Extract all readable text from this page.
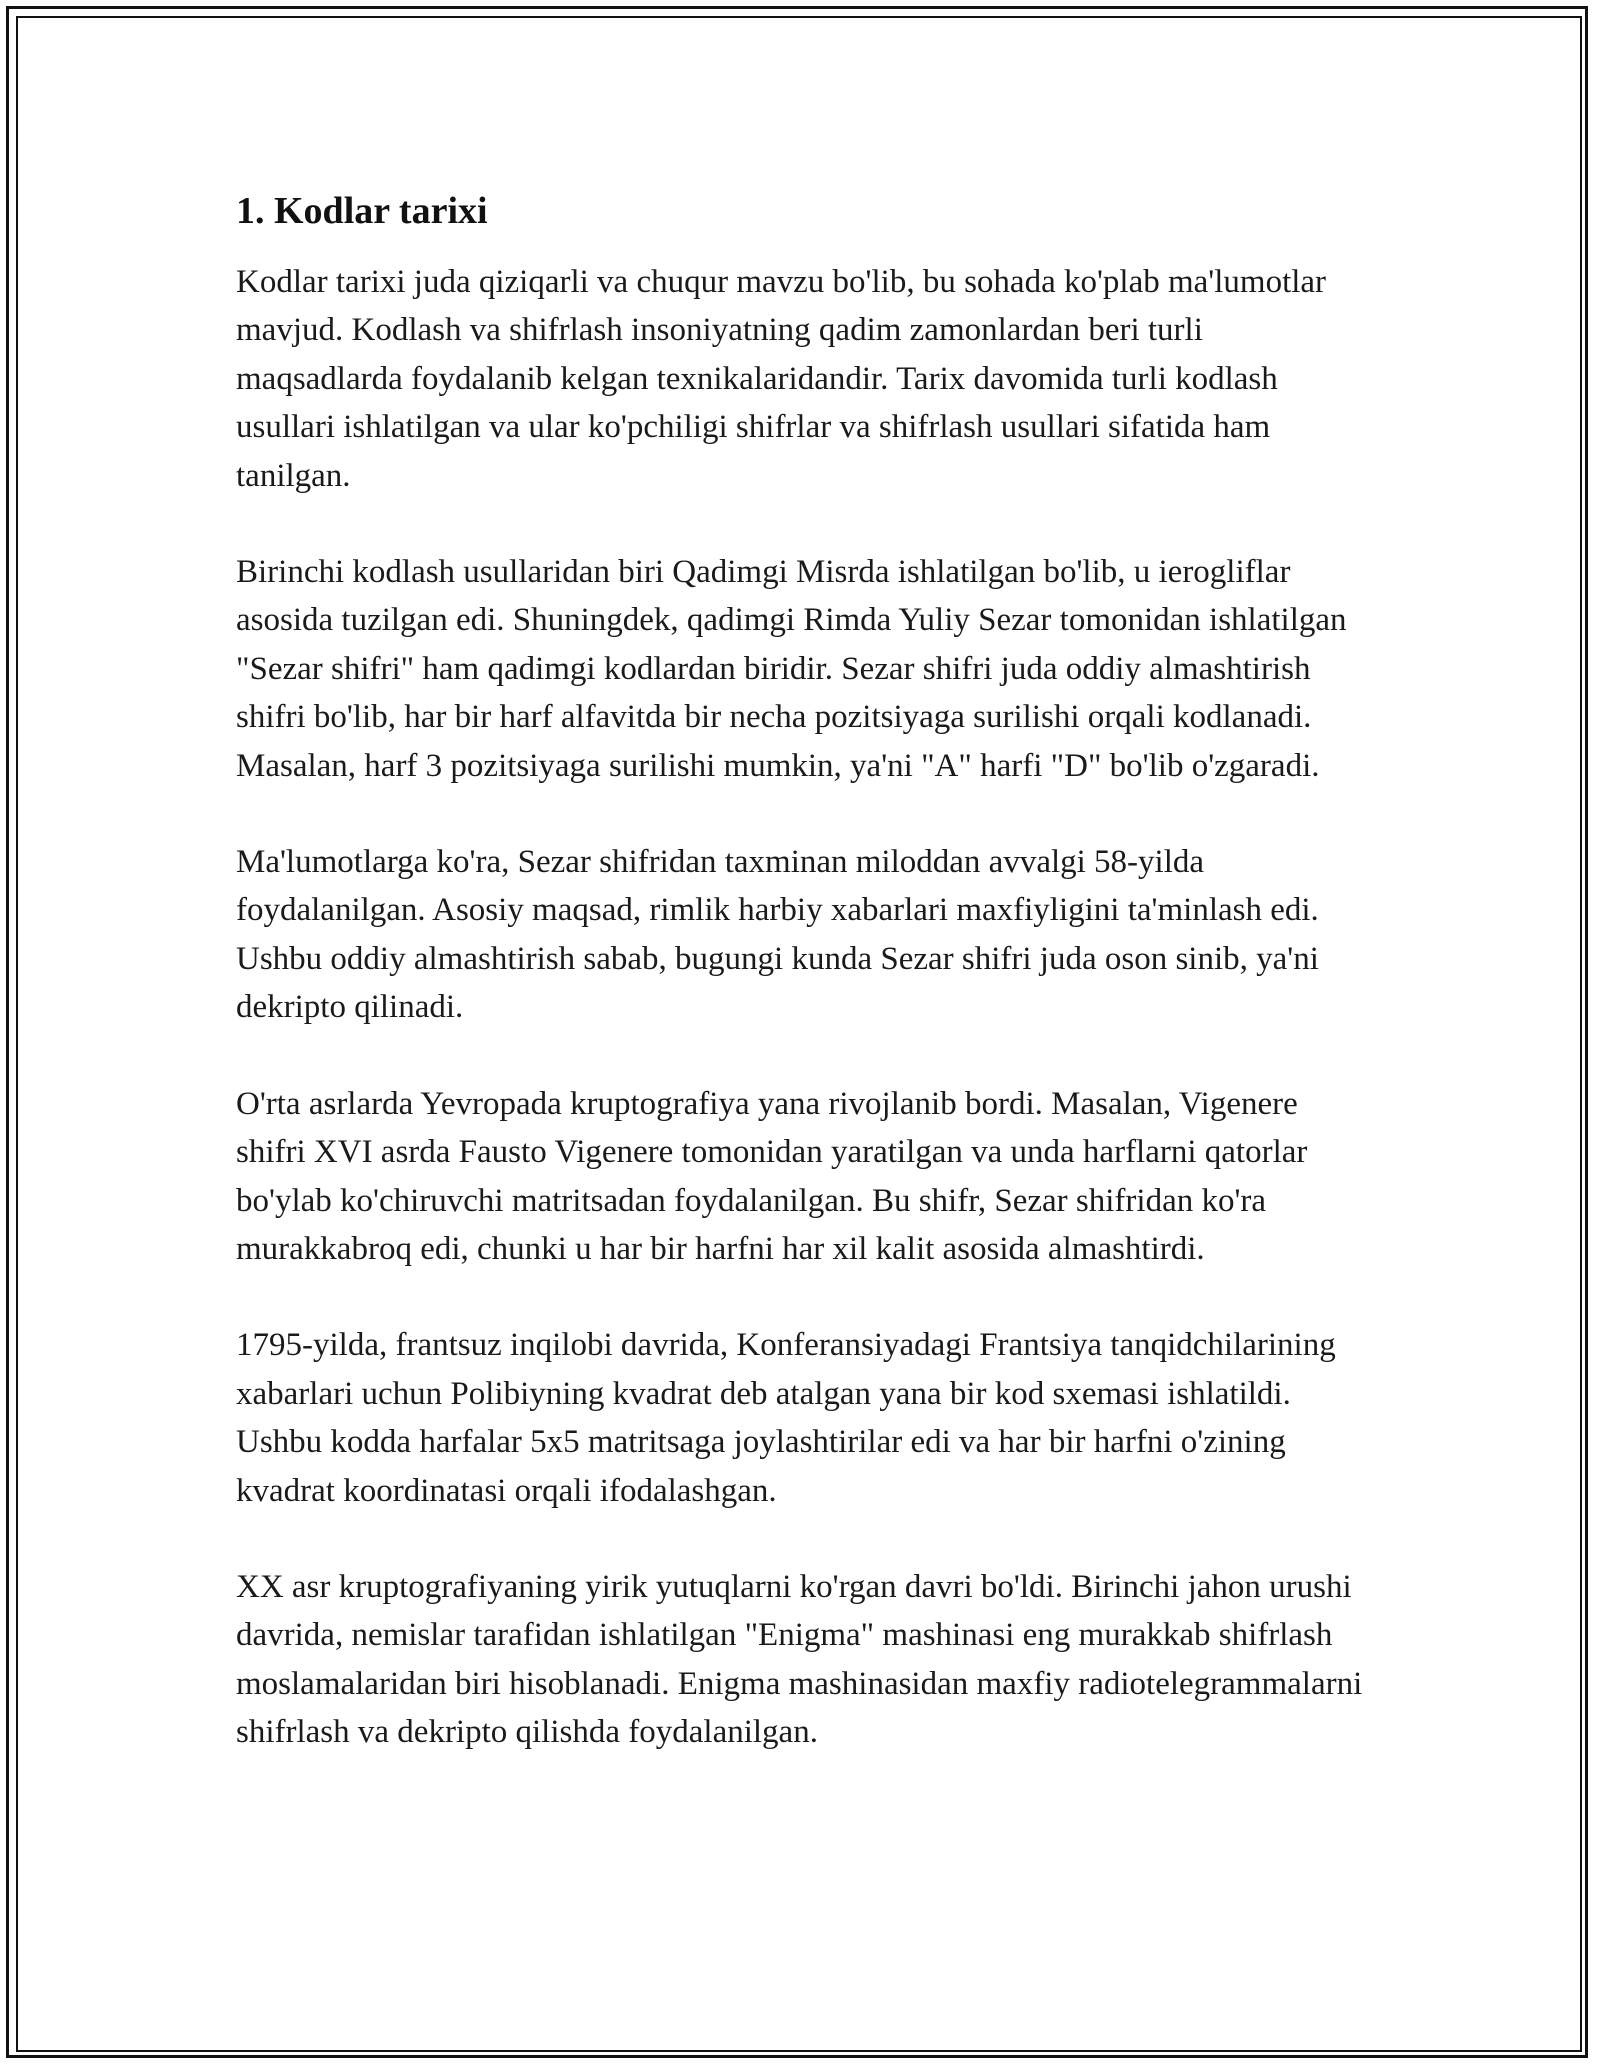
1. Kodlar tarixi

Kodlar tarixi juda qiziqarli va chuqur mavzu bo'lib, bu sohada ko'plab ma'lumotlar mavjud. Kodlash va shifrlash insoniyatning qadim zamonlardan beri turli maqsadlarda foydalanib kelgan texnikalaridandir. Tarix davomida turli kodlash usullari ishlatilgan va ular ko'pchiligi shifrlar va shifrlash usullari sifatida ham tanilgan.

Birinchi kodlash usullaridan biri Qadimgi Misrda ishlatilgan bo'lib, u ierogliflar asosida tuzilgan edi. Shuningdek, qadimgi Rimda Yuliy Sezar tomonidan ishlatilgan "Sezar shifri" ham qadimgi kodlardan biridir. Sezar shifri juda oddiy almashtirish shifri bo'lib, har bir harf alfavitda bir necha pozitsiyaga surilishi orqali kodlanadi. Masalan, harf 3 pozitsiyaga surilishi mumkin, ya'ni "A" harfi "D" bo'lib o'zgaradi.

Ma'lumotlarga ko'ra, Sezar shifridan taxminan miloddan avvalgi 58-yilda foydalanilgan. Asosiy maqsad, rimlik harbiy xabarlari maxfiyligini ta'minlash edi. Ushbu oddiy almashtirish sabab, bugungi kunda Sezar shifri juda oson sinib, ya'ni dekripto qilinadi.

O'rta asrlarda Yevropada kruptografiya yana rivojlanib bordi. Masalan, Vigenere shifri XVI asrda Fausto Vigenere tomonidan yaratilgan va unda harflarni qatorlar bo'ylab ko'chiruvchi matritsadan foydalanilgan. Bu shifr, Sezar shifridan ko'ra murakkabroq edi, chunki u har bir harfni har xil kalit asosida almashtirdi.

1795-yilda, frantsuz inqilobi davrida, Konferansiyadagi Frantsiya tanqidchilarining xabarlari uchun Polibiyning kvadrat deb atalgan yana bir kod sxemasi ishlatildi. Ushbu kodda harfalar 5x5 matritsaga joylashtirilar edi va har bir harfni o'zining kvadrat koordinatasi orqali ifodalashgan.

XX asr kruptografiyaning yirik yutuqlarni ko'rgan davri bo'ldi. Birinchi jahon urushi davrida, nemislar tarafidan ishlatilgan "Enigma" mashinasi eng murakkab shifrlash moslamalaridan biri hisoblanadi. Enigma mashinasidan maxfiy radiotelegrammalarni shifrlash va dekripto qilishda foydalanilgan.
